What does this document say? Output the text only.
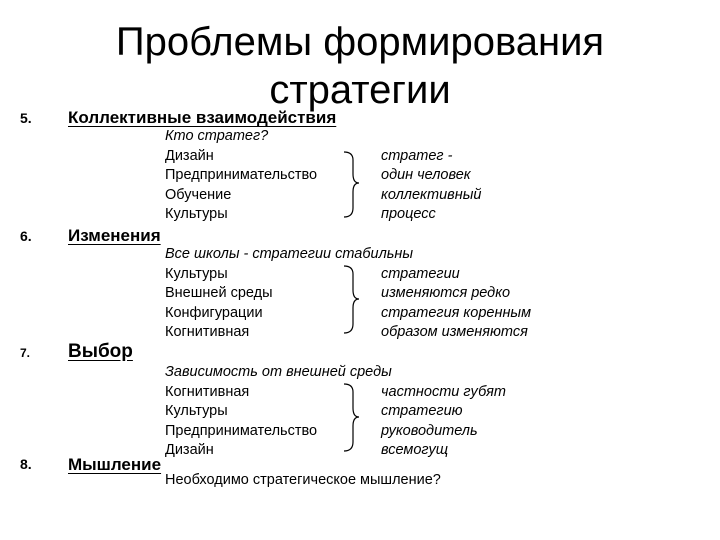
Проблемы формирования
стратегии
5. Коллективные взаимодействия
Кто стратег?
Дизайн
Предпринимательство
Обучение
Культуры
стратег -
один человек
коллективный
процесс
6. Изменения
Все школы - стратегии стабильны
Культуры
Внешней среды
Конфигурации
Когнитивная
стратегии
изменяются редко
стратегия коренным
образом изменяются
7. Выбор
Зависимость от внешней среды
Когнитивная
Культуры
Предпринимательство
Дизайн
частности губят
стратегию
руководитель
всемогущ
8. Мышление
Необходимо стратегическое мышление?
